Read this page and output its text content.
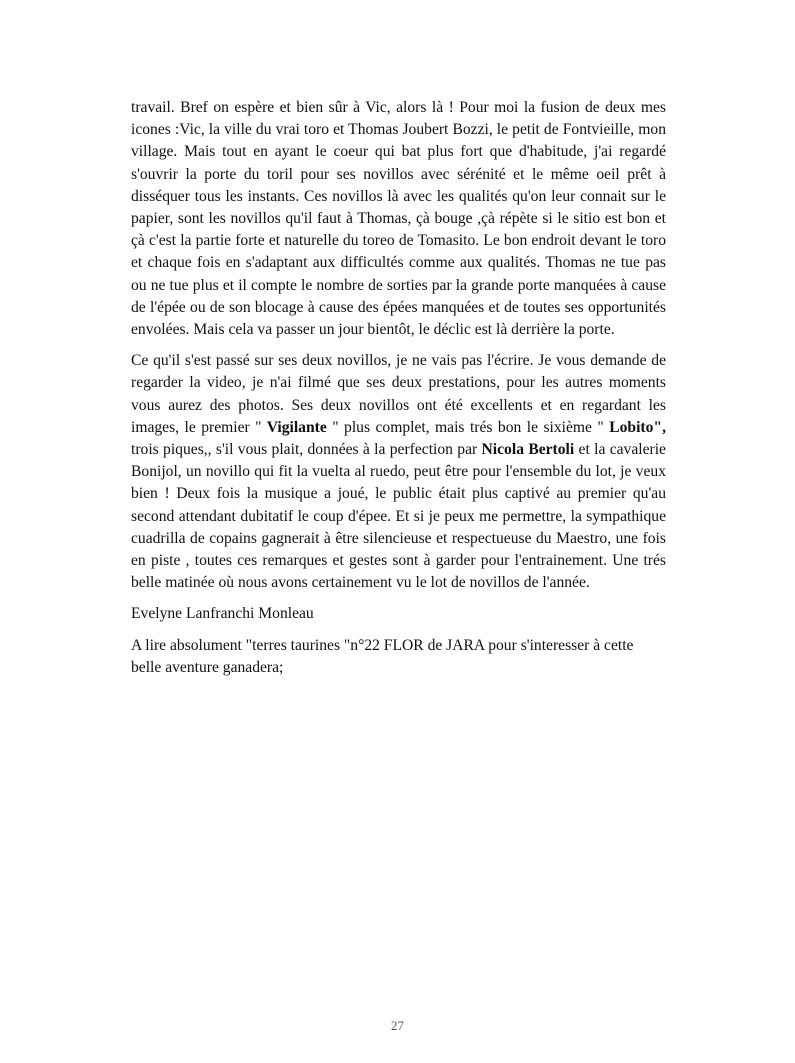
travail. Bref on espère et bien sûr à Vic, alors là ! Pour moi la fusion de deux mes icones :Vic, la ville du vrai toro et Thomas Joubert Bozzi, le petit de Fontvieille, mon village. Mais tout en ayant le coeur qui bat plus fort que d'habitude, j'ai regardé s'ouvrir la porte du toril pour ses novillos avec sérénité et le même oeil prêt à disséquer tous les instants. Ces novillos là avec les qualités qu'on leur connait sur le papier, sont les novillos qu'il faut à Thomas, çà bouge ,çà répète si le sitio est bon et çà c'est la partie forte et naturelle du toreo de Tomasito. Le bon endroit devant le toro et chaque fois en s'adaptant aux difficultés comme aux qualités. Thomas ne tue pas ou ne tue plus et il compte le nombre de sorties par la grande porte manquées à cause de l'épée ou de son blocage à cause des épées manquées et de toutes ses opportunités envolées. Mais cela va passer un jour bientôt, le déclic est là derrière la porte.

Ce qu'il s'est passé sur ses deux novillos, je ne vais pas l'écrire. Je vous demande de regarder la video, je n'ai filmé que ses deux prestations, pour les autres moments vous aurez des photos. Ses deux novillos ont été excellents et en regardant les images, le premier " Vigilante " plus complet, mais trés bon le sixième " Lobito", trois piques,, s'il vous plait, données à la perfection par Nicola Bertoli et la cavalerie Bonijol, un novillo qui fit la vuelta al ruedo, peut être pour l'ensemble du lot, je veux bien ! Deux fois la musique a joué, le public était plus captivé au premier qu'au second attendant dubitatif le coup d'épee. Et si je peux me permettre, la sympathique cuadrilla de copains gagnerait à être silencieuse et respectueuse du Maestro, une fois en piste , toutes ces remarques et gestes sont à garder pour l'entrainement. Une trés belle matinée où nous avons certainement vu le lot de novillos de l'année.

Evelyne Lanfranchi Monleau

A lire absolument "terres taurines "n°22 FLOR de JARA pour s'interesser à cette belle aventure ganadera;

27
